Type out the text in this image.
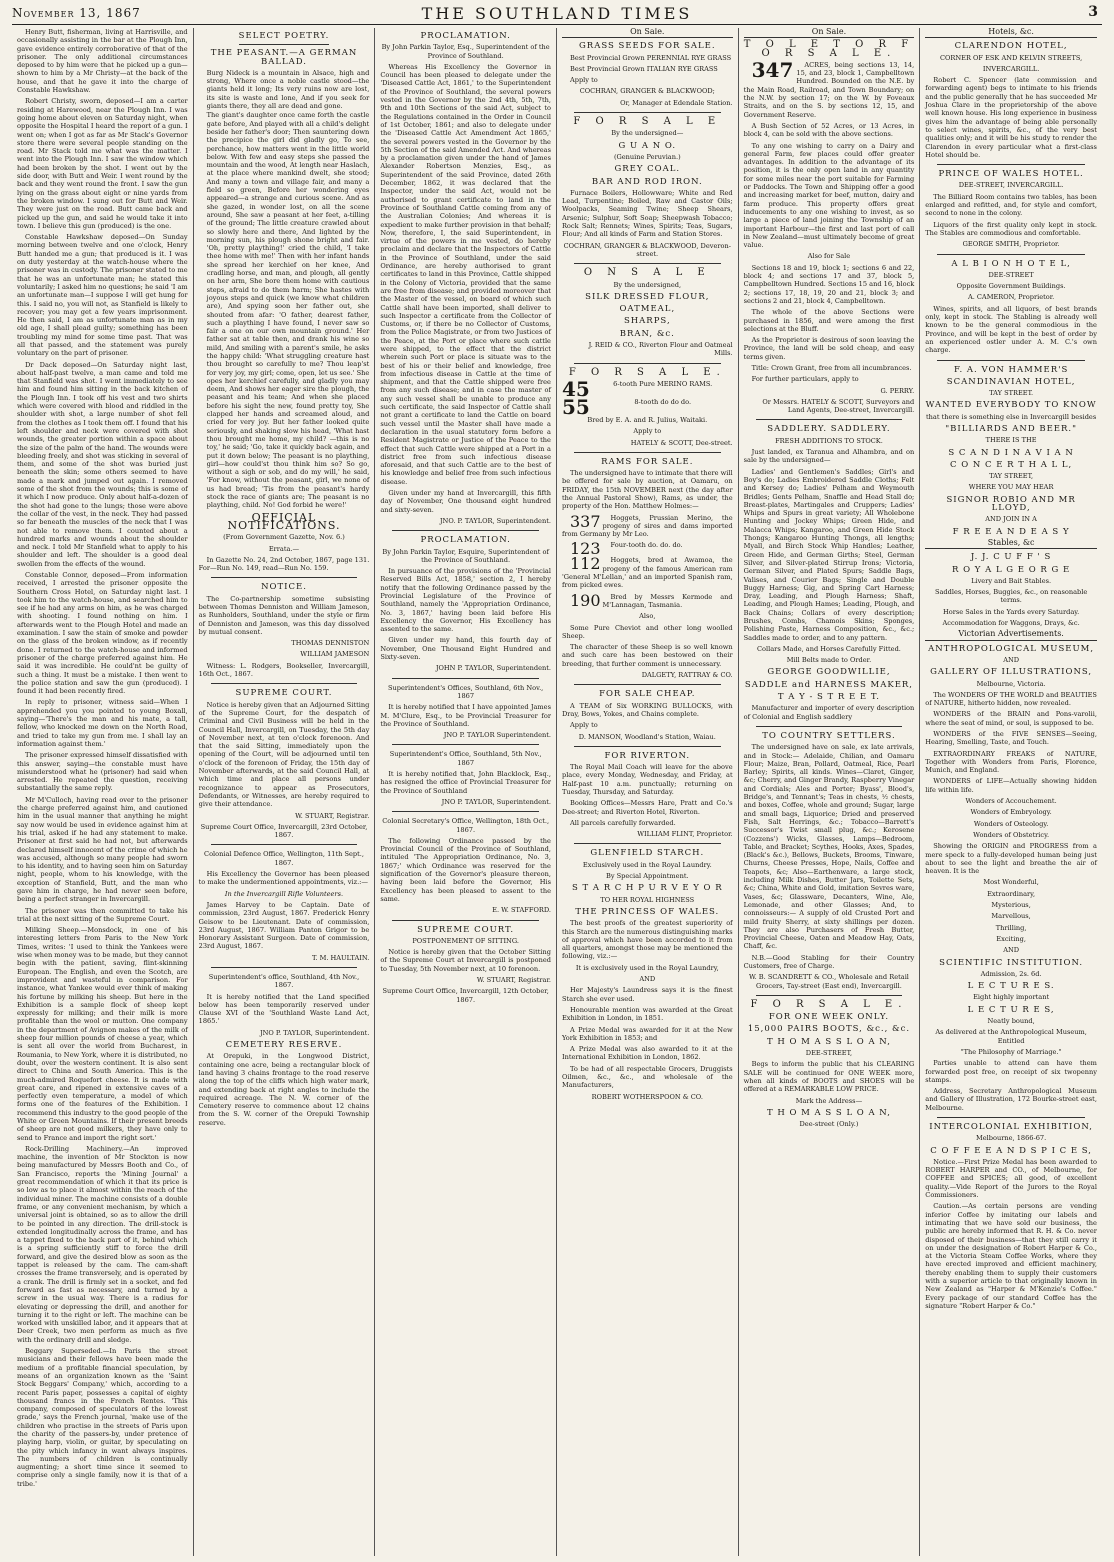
November 13, 1867	THE SOUTHLAND TIMES	3

Henry Butt, fisherman, living at Harrisville, and occasionally assisting in the bar at the Plough Inn, gave evidence entirely corroborative of that of the prisoner. The only additional circumstances deposed to by him were that he picked up a gun—shown to him by a Mr Christy—at the back of the house, and that he gave it into the charge of Constable Hawkshaw.

Robert Christy, sworn, deposed—I am a carter residing at Harewood, near the Plough Inn. I was going home about eleven on Saturday night, when opposite the Hospital I heard the report of a gun. I went on; when I got as far as Mr Stack's Governor store there were several people standing on the road. Mr Stack told me what was the matter. I went into the Plough Inn. I saw the window which had been broken by the shot. I went out by the side door, with Butt and Weir. I went round by the back and they went round the front. I saw the gun lying on the grass about eight or nine yards from the broken window. I sung out for Butt and Weir. They were just on the road. Butt came back and picked up the gun, and said he would take it into town. I believe this gun (produced) is the one.

Constable Hawkshaw deposed—On Sunday morning between twelve and one o'clock, Henry Butt handed me a gun; that produced is it. I was on duty yesterday at the watch-house where the prisoner was in custody. The prisoner stated to me that he was an unfortunate man; he stated this voluntarily; I asked him no questions; he said 'I am an unfortunate man—I suppose I will get hung for this. I said no, you will not, as Stanfield is likely to recover; you may get a few years imprisonment. He then said, I am as unfortunate man as in my old age, I shall plead guilty; something has been troubling my mind for some time past. That was all that passed, and the statement was purely voluntary on the part of prisoner.

Dr Dack deposed—On Saturday night last, about half-past twelve, a man came and told me that Stanfield was shot. I went immediately to see him and found him sitting in the back kitchen of the Plough Inn. I took off his vest and two shirts which were covered with blood and riddled in the shoulder with shot, a large number of shot fell from the clothes as I took them off. I found that his left shoulder and neck were covered with shot wounds, the greater portion within a space about the size of the palm of the hand. The wounds were bleeding freely, and shot was sticking in several of them, and some of the shot was buried just beneath the skin; some others seemed to have made a mark and jumped out again. I removed some of the shot from the wounds; this is some of it which I now produce. Only about half-a-dozen of the shot had gone to the lungs; those were above the collar of the vest, in the neck. They had passed so far beneath the muscles of the neck that I was not able to remove them. I counted about a hundred marks and wounds about the shoulder and neck. I told Mr Stanfield what to apply to his shoulder and left. The shoulder is a good deal swollen from the effects of the wound.

Constable Connor, deposed—From information received, I arrested the prisoner opposite the Southern Cross Hotel, on Saturday night last. I took him to the watch-house, and searched him to see if he had any arms on him, as he was charged with shooting. I found nothing on him. I afterwards went to the Plough Hotel and made an examination. I saw the stain of smoke and powder on the glass of the broken window, as if recently done. I returned to the watch-house and informed prisoner of the charge preferred against him. He said it was incredible. He could'nt be guilty of such a thing. It must be a mistake. I then went to the police station and saw the gun (produced). I found it had been recently fired.

In reply to prisoner, witness said—When I apprehended you you pointed to young Boxall, saying—'There's the man and his mate, a tall, fellow, who knocked me down on the North Road, and tried to take my gun from me. I shall lay an information against them.'

The prisoner expressed himself dissatisfied with this answer, saying—the constable must have misunderstood what he (prisoner) had said when arrested. He repeated the question, receiving substantially the same reply.

Mr M'Culloch, having read over to the prisoner the charge preferred against him, and cautioned him in the usual manner that anything he might say now would be used in evidence against him at his trial, asked if he had any statement to make. Prisoner at first said he had not, but afterwards declared himself innocent of the crime of which he was accused, although so many people had sworn to his identity, and to having seen him on Saturday night, people, whom to his knowledge, with the exception of Stanfield, Butt, and the man who gave him in charge, he had never seen before, being a perfect stranger in Invercargill.

The prisoner was then committed to take his trial at the next sitting of the Supreme Court.

Milking Sheep.—Monsdock, in one of his interesting letters from Paris to the New York Times, writes: 'I used to think the Yankees were wise when money was to be made, but they cannot begin with the patient, saving, flint-skinning European. The English, and even the Scotch, are improvident and wasteful in comparison. For instance, what Yankee would ever think of making his fortune by milking his sheep. But here in the Exhibition is a sample flock of sheep kept expressly for milking; and their milk is more profitable than the wool or mutton. One company in the department of Avignon makes of the milk of sheep four million pounds of cheese a year, which is sent all over the world from Bucharest, in Roumania, to New York, where it is distributed, no doubt, over the western continent. It is also sent direct to China and South America. This is the much-admired Roquefort cheese. It is made with great care, and ripened in extensive caves of a perfectly even temperature, a model of which forms one of the features of the Exhibition. I recommend this industry to the good people of the White or Green Mountains. If their present breeds of sheep are not good milkers, they have only to send to France and import the right sort.'

Rock-Drilling Machinery.—An improved machine, the invention of Mr Stockton is now being manufactured by Messrs Booth and Co., of San Francisco, reports the 'Mining Journal' a great recommendation of which it that its price is so low as to place it almost within the reach of the individual miner. The machine consists of a double frame, or any convenient mechanism, by which a universal joint is obtained, so as to allow the drill to be pointed in any direction. The drill-stock is extended longitudinally across the frame, and has a tappet fixed to the back part of it, behind which is a spring sufficiently stiff to force the drill forward, and give the desired blow as soon as the tappet is released by the cam. The cam-shaft crosses the frame transversely, and is operated by a crank. The drill is firmly set in a socket, and fed forward as fast as necessary, and turned by a screw in the usual way. There is a radius for elevating or depressing the drill, and another for turning it to the right or left. The machine can be worked with unskilled labor, and it appears that at Deer Creek, two men perform as much as five with the ordinary drill and sledge.

Beggary Superseded.—In Paris the street musicians and their fellows have been made the medium of a profitable financial speculation, by means of an organization known as the 'Saint Stock Beggars' Company,' which, according to a recent Paris paper, possesses a capital of eighty thousand francs in the French Rentes. 'This company, composed of speculators of the lowest grade,' says the French journal, 'make use of the children who practise in the streets of Paris upon the charity of the passers-by, under pretence of playing harp, violin, or guitar, by speculating on the pity which infancy in want always inspires. The numbers of children is continually augmenting; a short time since it seemed to comprise only a single family, now it is that of a tribe.'

SELECT POETRY.
THE PEASANT.—A GERMAN BALLAD.

Burg Nideck is a mountain in Alsace, high and strong, Where once a noble castle stood—the giants held it long; Its very ruins now are lost, its site is waste and lone, And if you seek for giants there, they all are dead and gone.

The giant's daughter once came forth the castle gate before, And played with all a child's delight beside her father's door; Then sauntering down the precipice the girl did gladly go, To see, perchance, how matters went in the little world below. With few and easy steps she passed the mountain and the wood, At length near Haslach, at the place where mankind dwelt, she stood; And many a town and village fair, and many a field so green, Before her wondering eyes appeared—a strange and curious scene. And as she gazed, in wonder lost, on all the scene around, She saw a peasant at her feet, a-tilling of the ground; The little creature crawled about so slowly here and there, And lighted by the morning sun, his plough shone bright and fair. 'Oh, pretty plaything!' cried the child, 'I take thee home with me!' Then with her infant hands she spread her kerchief on her knee, And cradling horse, and man, and plough, all gently on her arm, She bore them home with cautious steps, afraid to do them harm; She hastes with joyous steps and quick (we know what children are), And spying soon her father out, she shouted from afar: 'O father, dearest father, such a plaything I have found, I never saw so fair a one on our own mountain ground.' Her father sat at table then, and drank his wine so mild, And smiling with a parent's smile, he asks the happy child: 'What struggling creature hast thou brought so carefully to me? Thou leap'st for very joy, my girl; come, open, let us see.' She opes her kerchief carefully, and gladly you may deem, And shows her eager sire the plough, the peasant and his team; And when she placed before his sight the new, found pretty toy, She clapped her hands and screamed aloud, and cried for very joy. But her father looked quite seriously, and shaking slow his head, 'What hast thou brought me home, my child? —this is no toy,' he said; 'Go, take it quickly back again, and put it down below; The peasant is no plaything, girl—how could'st thou think him so? So go, without a sigh or sob, and do my will,' he said, 'For know, without the peasant, girl, we none of us had bread; 'Tis from the peasant's hardy stock the race of giants are; The peasant is no plaything, child. No! God forbid he were!'

OFFICIAL NOTIFICATIONS.

(From Government Gazette, Nov. 6.)

Errata.—

In Gazette No. 24, 2nd October, 1867, page 131. For—Run No. 149, read—Run No. 159.

NOTICE.

The Co-partnership sometime subsisting between Thomas Denniston and William Jameson, as Runholders, Southland, under the style or firm of Denniston and Jameson, was this day dissolved by mutual consent.

THOMAS DENNISTON

WILLIAM JAMESON

Witness: L. Rodgers, Bookseller, Invercargill, 16th Oct., 1867.

SUPREME COURT.

Notice is hereby given that an Adjourned Sitting of the Supreme Court, for the despatch of Criminal and Civil Business will be held in the Council Hall, Invercargill, on Tuesday, the 5th day of November next, at ten o'clock forenoon. And that the said Sitting, immediately upon the opening of the Court, will be adjourned until ten o'clock of the forenoon of Friday, the 15th day of November afterwards, at the said Council Hall, at which time and place all persons under recognizance to appear as Prosecutors, Defendants, or Witnesses, are hereby required to give their attendance.

W. STUART, Registrar.

Supreme Court Office, Invercargill, 23rd October, 1867.

Colonial Defence Office, Wellington, 11th Sept., 1867.

His Excellency the Governor has been pleased to make the undermentioned appointments, viz.:—

In the Invercargill Rifle Volunteers.

James Harvey to be Captain. Date of commission, 23rd August, 1867. Frederick Henry Geisow to be Lieutenant. Date of commission, 23rd August, 1867. William Panton Grigor to be Honorary Assistant Surgeon. Date of commission, 23rd August, 1867.

T. M. HAULTAIN.

Superintendent's office, Southland, 4th Nov., 1867.

It is hereby notified that the Land specified below has been temporarily reserved under Clause XVI of the 'Southland Waste Land Act, 1865.'

JNO P. TAYLOR, Superintendent.

CEMETERY RESERVE.

At Orepuki, in the Longwood District, containing one acre, being a rectangular block of land having 3 chains frontage to the road reserve along the top of the cliffs which high water mark, and extending back at right angles to include the required acreage. The N. W. corner of the Cemetery reserve to commence about 12 chains from the S. W. corner of the Orepuki Township reserve.

PROCLAMATION.

By John Parkin Taylor, Esq., Superintendent of the Province of Southland.

Whereas His Excellency the Governor in Council has been pleased to delegate under the 'Diseased Cattle Act, 1861,' to the Superintendent of the Province of Southland, the several powers vested in the Governor by the 2nd 4th, 5th, 7th, 9th and 10th Sections of the said Act, subject to the Regulations contained in the Order in Council of 1st October, 1861; and also to delegate under the 'Diseased Cattle Act Amendment Act 1865,' the several powers vested in the Governor by the 5th Section of the said Amended Act. And whereas by a proclamation given under the hand of James Alexander Robertson Menzies, Esq., as Superintendent of the said Province, dated 26th December, 1862, it was declared that the Inspector, under the said Act, would not be authorised to grant certificate to land in the Province of Southland Cattle coming from any of the Australian Colonies; And whereas it is expedient to make further provision in that behalf; Now, therefore, I, the said Superintendent, in virtue of the powers in me vested, do hereby proclaim and declare that the Inspectors of Cattle in the Province of Southland, under the said Ordinance, are hereby authorised to grant certificates to land in this Province, Cattle shipped in the Colony of Victoria, provided that the same are free from disease; and provided moreover that the Master of the vessel, on board of which such Cattle shall have been imported, shall deliver to such Inspector a certificate from the Collector of Customs, or, if there be no Collector of Customs, from the Police Magistrate, or from two Justices of the Peace, at the Port or place where such cattle were shipped, to the effect that the district wherein such Port or place is situate was to the best of his or their belief and knowledge, free from infectious disease in Cattle at the time of shipment, and that the Cattle shipped were free from any such disease; and in case the master of any such vessel shall be unable to produce any such certificate, the said Inspector of Cattle shall not grant a certificate to land the Cattle on board such vessel until the Master shall have made a declaration in the usual statutory form before a Resident Magistrate or Justice of the Peace to the effect that such Cattle were shipped at a Port in a district free from such infectious disease aforesaid, and that such Cattle are to the best of his knowledge and belief free from such infectious disease.

Given under my hand at Invercargill, this fifth day of November, One thousand eight hundred and sixty-seven.

JNO. P. TAYLOR, Superintendent.

PROCLAMATION.

By John Parkin Taylor, Esquire, Superintendent of the Province of Southland.

In pursuance of the provisions of the 'Provincial Reserved Bills Act, 1858,' section 2, I hereby notify that the following Ordinance passed by the Provincial Legislature of the Province of Southland, namely the 'Appropriation Ordinance, No. 3, 1867,' having been laid before His Excellency the Governor, His Excellency has assented to the same.

Given under my hand, this fourth day of November, One Thousand Eight Hundred and Sixty-seven.

JOHN P. TAYLOR, Superintendent.

Superintendent's Offices, Southland, 6th Nov., 1867

It is hereby notified that I have appointed James M. M'Clure, Esq., to be Provincial Treasurer for the Province of Southland.

JNO P. TAYLOR Superintendent.

Superintendent's Office, Southland, 5th Nov., 1867

It is hereby notified that, John Blacklock, Esq., has resigned the office of Provincial Treasurer for the Province of Southland

JNO P. TAYLOR, Superintendent.

Colonial Secretary's Office, Wellington, 18th Oct., 1867.

The following Ordinance passed by the Provincial Council of the Province of Southland, intituled 'The Appropriation Ordinance, No. 3, 1867;' which Ordinance was reserved for the signification of the Governor's pleasure thereon, having been laid before the Governor, His Excellency has been pleased to assent to the same.

E. W. STAFFORD.

SUPREME COURT.

POSTPONEMENT OF SITTING.

Notice is hereby given that the October Sitting of the Supreme Court at Invercargill is postponed to Tuesday, 5th November next, at 10 forenoon.

W. STUART, Registrar.

Supreme Court Office, Invercargill, 12th October, 1867.

On Sale.
GRASS SEEDS FOR SALE.

Best Provincial Grown PERENNIAL RYE GRASS

Best Provincial Grown ITALIAN RYE GRASS

Apply to

COCHRAN, GRANGER & BLACKWOOD;

Or, Manager at Edendale Station.

F O R S A L E

By the undersigned—

G U A N O.

(Genuine Peruvian.)

GREY COAL.
BAR AND ROD IRON.

Furnace Boilers, Hollowware; White and Red Lead, Turpentine; Boiled, Raw and Castor Oils; Woolpacks, Seaming Twine; Sheep Shears, Arsenic; Sulphur, Soft Soap; Sheepwash Tobacco; Rock Salt; Rennets; Wines, Spirits; Teas, Sugars, Flour; And all kinds of Farm and Station Stores.

COCHRAN, GRANGER & BLACKWOOD, Deveron-street.

O N S A L E

By the undersigned,

SILK DRESSED FLOUR,
OATMEAL,
SHARPS,
BRAN, &c.

J. REID & CO., Riverton Flour and Oatmeal Mills.

F O R S A L E.

45	6-tooth Pure MERINO RAMS.

55	8-tooth do do do.

Bred by E. A. and R. Julius, Waitaki.

Apply to

HATELY & SCOTT, Dee-street.

RAMS FOR SALE.

The undersigned have to intimate that there will be offered for sale by auction, at Oamaru, on FRIDAY, the 15th NOVEMBER next (the day after the Annual Pastoral Show), Rams, as under, the property of the Hon. Matthew Holmes:—

337 Hoggets, Prussian Merino, the progeny of sires and dams imported from Germany by Mr Leo.

123 Four-tooth do. do. do.

112 Hoggets, bred at Awamoa, the progeny of the famous American ram 'General M'Lellan,' and an imported Spanish ram, from picked ewes.

190 Bred by Messrs Kermode and M'Lannagan, Tasmania.

Also,

Some Pure Cheviot and other long woolled Sheep.

The character of these Sheep is so well known and such care has been bestowed on their breeding, that further comment is unnecessary.

DALGETY, RATTRAY & CO.

FOR SALE CHEAP.

A TEAM of Six WORKING BULLOCKS, with Dray, Bows, Yokes, and Chains complete.

Apply to

D. MANSON, Woodland's Station, Waiau.

FOR RIVERTON.

The Royal Mail Coach will leave for the above place, every Monday, Wednesday, and Friday, at Half-past 10 a.m. punctually; returning on Tuesday, Thursday, and Saturday.

Booking Offices—Messrs Hare, Pratt and Co.'s Dee-street; and Riverton Hotel, Riverton.

All parcels carefully forwarded.

WILLIAM FLINT, Proprietor.

GLENFIELD STARCH.

Exclusively used in the Royal Laundry.

By Special Appointment.

S T A R C H P U R V E Y O R

TO HER ROYAL HIGHNESS

THE PRINCESS OF WALES.

The best proofs of the greatest superiority of this Starch are the numerous distinguishing marks of approval which have been accorded to it from all quarters, amongst those may be mentioned the following, viz.:—

It is exclusively used in the Royal Laundry,

AND

Her Majesty's Laundress says it is the finest Starch she ever used.

Honourable mention was awarded at the Great Exhibition in London, in 1851.

A Prize Medal was awarded for it at the New York Exhibition in 1853; and

A Prize Medal was also awarded to it at the International Exhibition in London, 1862.

To be had of all respectable Grocers, Druggists Oilmen, &c., &c., and wholesale of the Manufacturers,

ROBERT WOTHERSPOON & CO.

On Sale.
T O L E T O R F O R S A L E.

347 ACRES, being sections 13, 14, 15, and 23, block 1, Campbelltown Hundred. Bounded on the N.E. by the Main Road, Railroad, and Town Boundary; on the N.W. by section 17; on the W. by Foveaux Straits, and on the S. by sections 12, 15, and Government Reserve.

A Bush Section of 52 Acres, or 13 Acres, in block 4, can be sold with the above sections.

To any one wishing to carry on a Dairy and general Farm, few places could offer greater advantages. In addition to the advantage of its position, it is the only open land in any quantity for some miles near the port suitable for Farming or Paddocks. The Town and Shipping offer a good and increasing market for beef, mutton, dairy and farm produce. This property offers great inducements to any one wishing to invest, as so large a piece of land joining the Township of an important Harbour—the first and last port of call in New Zealand—must ultimately become of great value.

Also for Sale

Sections 18 and 19, block 1; sections 6 and 22, block 4; and sections 17 and 37, block 5, Campbelltown Hundred. Sections 15 and 16, block 2; sections 17, 18, 19, 20 and 21, block 3; and sections 2 and 21, block 4, Campbelltown.

The whole of the above Sections were purchased in 1856, and were among the first selections at the Bluff.

As the Proprietor is desirous of soon leaving the Province, the land will be sold cheap, and easy terms given.

Title: Crown Grant, free from all incumbrances.

For further particulars, apply to

G. PERRY.

Or Messrs. HATELY & SCOTT, Surveyors and Land Agents, Dee-street, Invercargill.

SADDLERY. SADDLERY.

FRESH ADDITIONS TO STOCK.

Just landed, ex Taranua and Alhambra, and on sale by the undersigned—

Ladies' and Gentlemen's Saddles; Girl's and Boy's do; Ladies Embroidered Saddle Cloths; Felt and Kersey do; Ladies' Pelham and Weymouth Bridles; Gents Pelham, Snaffle and Head Stall do; Breast-plates, Martingales and Cruppers; Ladies' Whips and Spurs in great variety; All Wholebone Hunting and Jockey Whips; Green Hide, and Malacca Whips; Kangaroo, and Green Hide Stock Thongs; Kangaroo Hunting Thongs, all lengths; Myall, and Birch Stock Whip Handles; Leather, Green Hide, and German Girths; Steel, German Silver, and Silver-plated Stirrup Irons; Victoria, German Silver, and Plated Spurs; Saddle Bags, Valises, and Courier Bags; Single and Double Buggy Harness; Gig, and Spring Cart Harness; Dray, Leading, and Plough Harness; Shaft, Leading, and Plough Hames; Leading, Plough, and Back Chains; Collars of every description; Brushes, Combs, Chamois Skins; Sponges, Polishing Paste, Harness Composition, &c., &c.; Saddles made to order, and to any pattern.

Collars Made, and Horses Carefully Fitted.

Mill Belts made to Order.

GEORGE GOODWILLIE,
SADDLE and HARNESS MAKER,
T A Y - S T R E E T.

Manufacturer and importer of every description of Colonial and English saddlery

TO COUNTRY SETTLERS.

The undersigned have on sale, ex late arrivals, and in Stock:— Adelaide, Chilian, and Oamaru Flour; Maize, Bran, Pollard, Oatmeal, Rice, Pearl Barley; Spirits, all kinds. Wines—Claret, Ginger, &c; Cherry, and Ginger Brandy, Raspberry Vinegar and Cordials; Ales and Porter; Byass', Blood's, Bridge's, and Tennant's; Teas in chests, ½ chests, and boxes, Coffee, whole and ground; Sugar, large and small bags, Liquorice; Dried and preserved Fish, Salt Herrings, &c.; Tobacco—Barrett's Successor's Twist small plug, &c.; Kerosene (Cozzens') Wicks, Glasses, Lamps—Bedroom, Table, and Bracket; Scythes, Hooks, Axes, Spades, (Black's &c.), Bellows, Buckets, Brooms, Tinware, Churns, Cheese Presses, Hope, Nails, Coffee and Teapots, &c; Also—Earthenware, a large stock, including Milk Dishes, Butter Jars, Toilette Sets, &c; China, White and Gold, imitation Sevres ware, Vases, &c; Glassware, Decanters, Wine, Ale, Lemonade, and other Glasses; And, to connoisseurs:— A supply of old Crusted Port and mild fruity Sherry, at sixty shillings per dozen. They are also Purchasers of Fresh Butter, Provincial Cheese, Oaten and Meadow Hay, Oats, Chaff, &c.

N.B.—Good Stabling for their Country Customers, free of Charge.

W. B. SCANDRETT & CO., Wholesale and Retail Grocers, Tay-street (East end), Invercargill.

F O R S A L E.
FOR ONE WEEK ONLY.
15,000 PAIRS BOOTS, &c., &c.
T H O M A S S L O A N,

DEE-STREET,

Begs to inform the public that his CLEARING SALE will be continued for ONE WEEK more, when all kinds of BOOTS and SHOES will be offered at a REMARKABLE LOW PRICE.

Mark the Address—

T H O M A S S L O A N,

Dee-street (Only.)

Hotels, &c.
CLARENDON HOTEL,

CORNER OF ESK AND KELVIN STREETS,

INVERCARGILL.

Robert C. Spencer (late commission and forwarding agent) begs to intimate to his friends and the public generally that he has succeeded Mr Joshua Clare in the proprietorship of the above well known house. His long experience in business gives him the advantage of being able personally to select wines, spirits, &c., of the very best qualities only; and it will be his study to render the Clarendon in every particular what a first-class Hotel should be.

PRINCE OF WALES HOTEL.

DEE-STREET, INVERCARGILL.

The Billiard Room contains two tables, has been enlarged and refitted, and, for style and comfort, second to none in the colony.

Liquors of the first quality only kept in stock. The Stables are commodious and comfortable.

GEORGE SMITH, Proprietor.

A L B I O N H O T E L,

DEE-STREET

Opposite Government Buildings.

A. CAMERON, Proprietor.

Wines, spirits, and all liquors, of best brands only, kept in stock. The Stabling is already well known to be the general commodious in the Province, and will be kept in the best of order by an experienced ostler under A. M. C.'s own charge.

F. A. VON HAMMER'S
SCANDINAVIAN HOTEL,

TAY STREET.

WANTED EVERYBODY TO KNOW

that there is something else in Invercargill besides

"BILLIARDS AND BEER."

THERE IS THE

S C A N D I N A V I A N
C O N C E R T H A L L,

TAY STREET,

WHERE YOU MAY HEAR

SIGNOR ROBIO AND MR LLOYD,

AND JOIN IN A

F R E E A N D E A S Y
Stables, &c
J. J. C U F F ' S
R O Y A L G E O R G E

Livery and Bait Stables.

Saddles, Horses, Buggies, &c., on reasonable terms.

Horse Sales in the Yards every Saturday.

Accommodation for Waggons, Drays, &c.

Victorian Advertisements.
ANTHROPOLOGICAL MUSEUM,

AND

GALLERY OF ILLUSTRATIONS,

Melbourne, Victoria.

The WONDERS OF THE WORLD and BEAUTIES of NATURE, hitherto hidden, now revealed.

WONDERS of the BRAIN and Pons-varolii, where the seat of mind, or soul, is supposed to be.

WONDERS of the FIVE SENSES—Seeing, Hearing, Smelling, Taste, and Touch.

EXTRAORDINARY FREAKS of NATURE, Together with Wonders from Paris, Florence, Munich, and England.

WONDERS of LIFE—Actually showing hidden life within life.

Wonders of Accouchement.

Wonders of Embryology.

Wonders of Osteology.

Wonders of Obstetricy.

Showing the ORIGIN and PROGRESS from a mere speck to a fully-developed human being just about to see the light and breathe the air of heaven. It is the

Most Wonderful,

Extraordinary,

Mysterious,

Marvellous,

Thrilling,

Exciting,

AND

SCIENTIFIC INSTITUTION.

Admission, 2s. 6d.

L E C T U R E S.

Eight highly important

L E C T U R E S,

Neatly bound,

As delivered at the Anthropological Museum, Entitled

"The Philosophy of Marriage."

Parties unable to attend can have them forwarded post free, on receipt of six twopenny stamps.

Address, Secretary Anthropological Museum and Gallery of Illustration, 172 Bourke-street east, Melbourne.

INTERCOLONIAL EXHIBITION,

Melbourne, 1866-67.

C O F F E E A N D S P I C E S,

Notice.—First Prize Medal has been awarded to ROBERT HARPER and CO., of Melbourne, for COFFEE and SPICES; all good, of excellent quality.—Vide Report of the Jurors to the Royal Commissioners.

Caution.—As certain persons are vending inferior Coffee by imitating our labels and intimating that we have sold our business, the public are hereby informed that R. H. & Co. never disposed of their business—that they still carry it on under the designation of Robert Harper & Co., at the Victoria Steam Coffee Works, where they have erected improved and efficient machinery, thereby enabling them to supply their customers with a superior article to that originally known in New Zealand as "Harper & M'Kenzie's Coffee." Every package of our standard Coffee has the signature "Robert Harper & Co."
